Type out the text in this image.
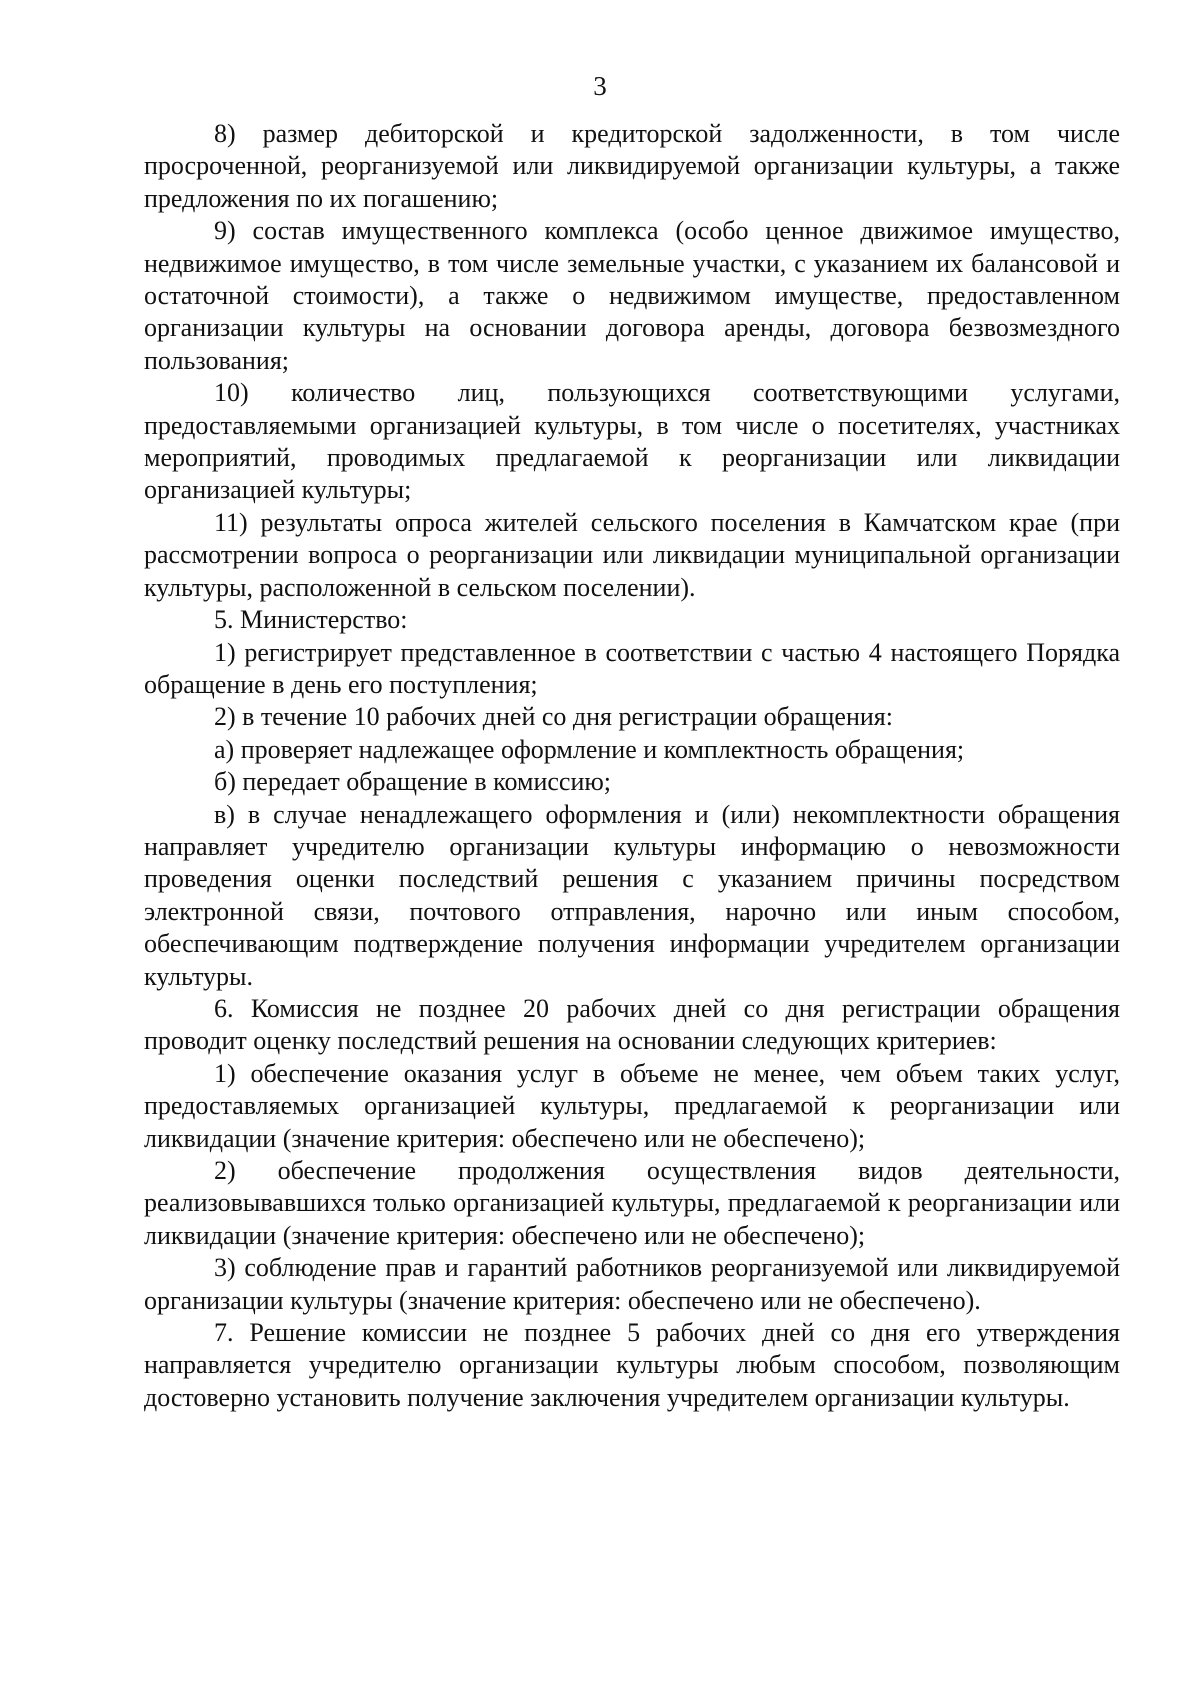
3

8) размер дебиторской и кредиторской задолженности, в том числе просроченной, реорганизуемой или ликвидируемой организации культуры, а также предложения по их погашению;

9) состав имущественного комплекса (особо ценное движимое имущество, недвижимое имущество, в том числе земельные участки, с указанием их балансовой и остаточной стоимости), а также о недвижимом имуществе, предоставленном организации культуры на основании договора аренды, договора безвозмездного пользования;

10) количество лиц, пользующихся соответствующими услугами, предоставляемыми организацией культуры, в том числе о посетителях, участниках мероприятий, проводимых предлагаемой к реорганизации или ликвидации организацией культуры;

11) результаты опроса жителей сельского поселения в Камчатском крае (при рассмотрении вопроса о реорганизации или ликвидации муниципальной организации культуры, расположенной в сельском поселении).

5. Министерство:

1) регистрирует представленное в соответствии с частью 4 настоящего Порядка обращение в день его поступления;

2) в течение 10 рабочих дней со дня регистрации обращения:

а) проверяет надлежащее оформление и комплектность обращения;

б) передает обращение в комиссию;

в) в случае ненадлежащего оформления и (или) некомплектности обращения направляет учредителю организации культуры информацию о невозможности проведения оценки последствий решения с указанием причины посредством электронной связи, почтового отправления, нарочно или иным способом, обеспечивающим подтверждение получения информации учредителем организации культуры.

6. Комиссия не позднее 20 рабочих дней со дня регистрации обращения проводит оценку последствий решения на основании следующих критериев:

1) обеспечение оказания услуг в объеме не менее, чем объем таких услуг, предоставляемых организацией культуры, предлагаемой к реорганизации или ликвидации (значение критерия: обеспечено или не обеспечено);

2) обеспечение продолжения осуществления видов деятельности, реализовывавшихся только организацией культуры, предлагаемой к реорганизации или ликвидации (значение критерия: обеспечено или не обеспечено);

3) соблюдение прав и гарантий работников реорганизуемой или ликвидируемой организации культуры (значение критерия: обеспечено или не обеспечено).

7. Решение комиссии не позднее 5 рабочих дней со дня его утверждения направляется учредителю организации культуры любым способом, позволяющим достоверно установить получение заключения учредителем организации культуры.
